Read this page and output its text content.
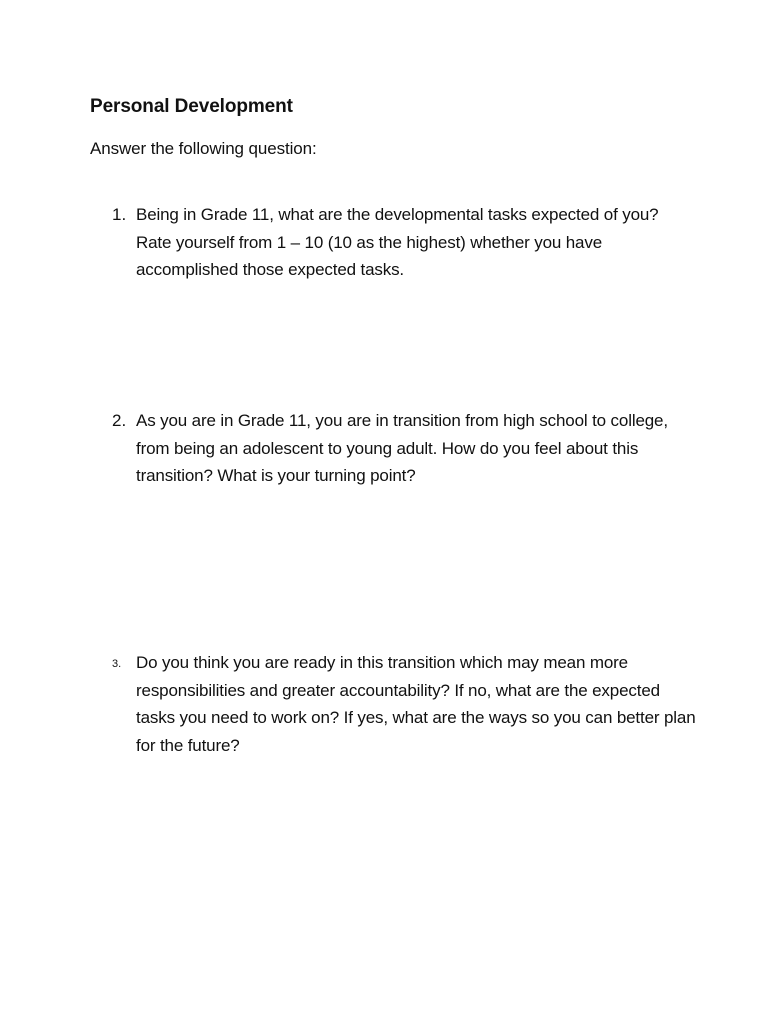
Personal Development
Answer the following question:
1. Being in Grade 11, what are the developmental tasks expected of you? Rate yourself from 1 – 10 (10 as the highest) whether you have accomplished those expected tasks.
2. As you are in Grade 11, you are in transition from high school to college, from being an adolescent to young adult. How do you feel about this transition? What is your turning point?
3. Do you think you are ready in this transition which may mean more responsibilities and greater accountability? If no, what are the expected tasks you need to work on? If yes, what are the ways so you can better plan for the future?
